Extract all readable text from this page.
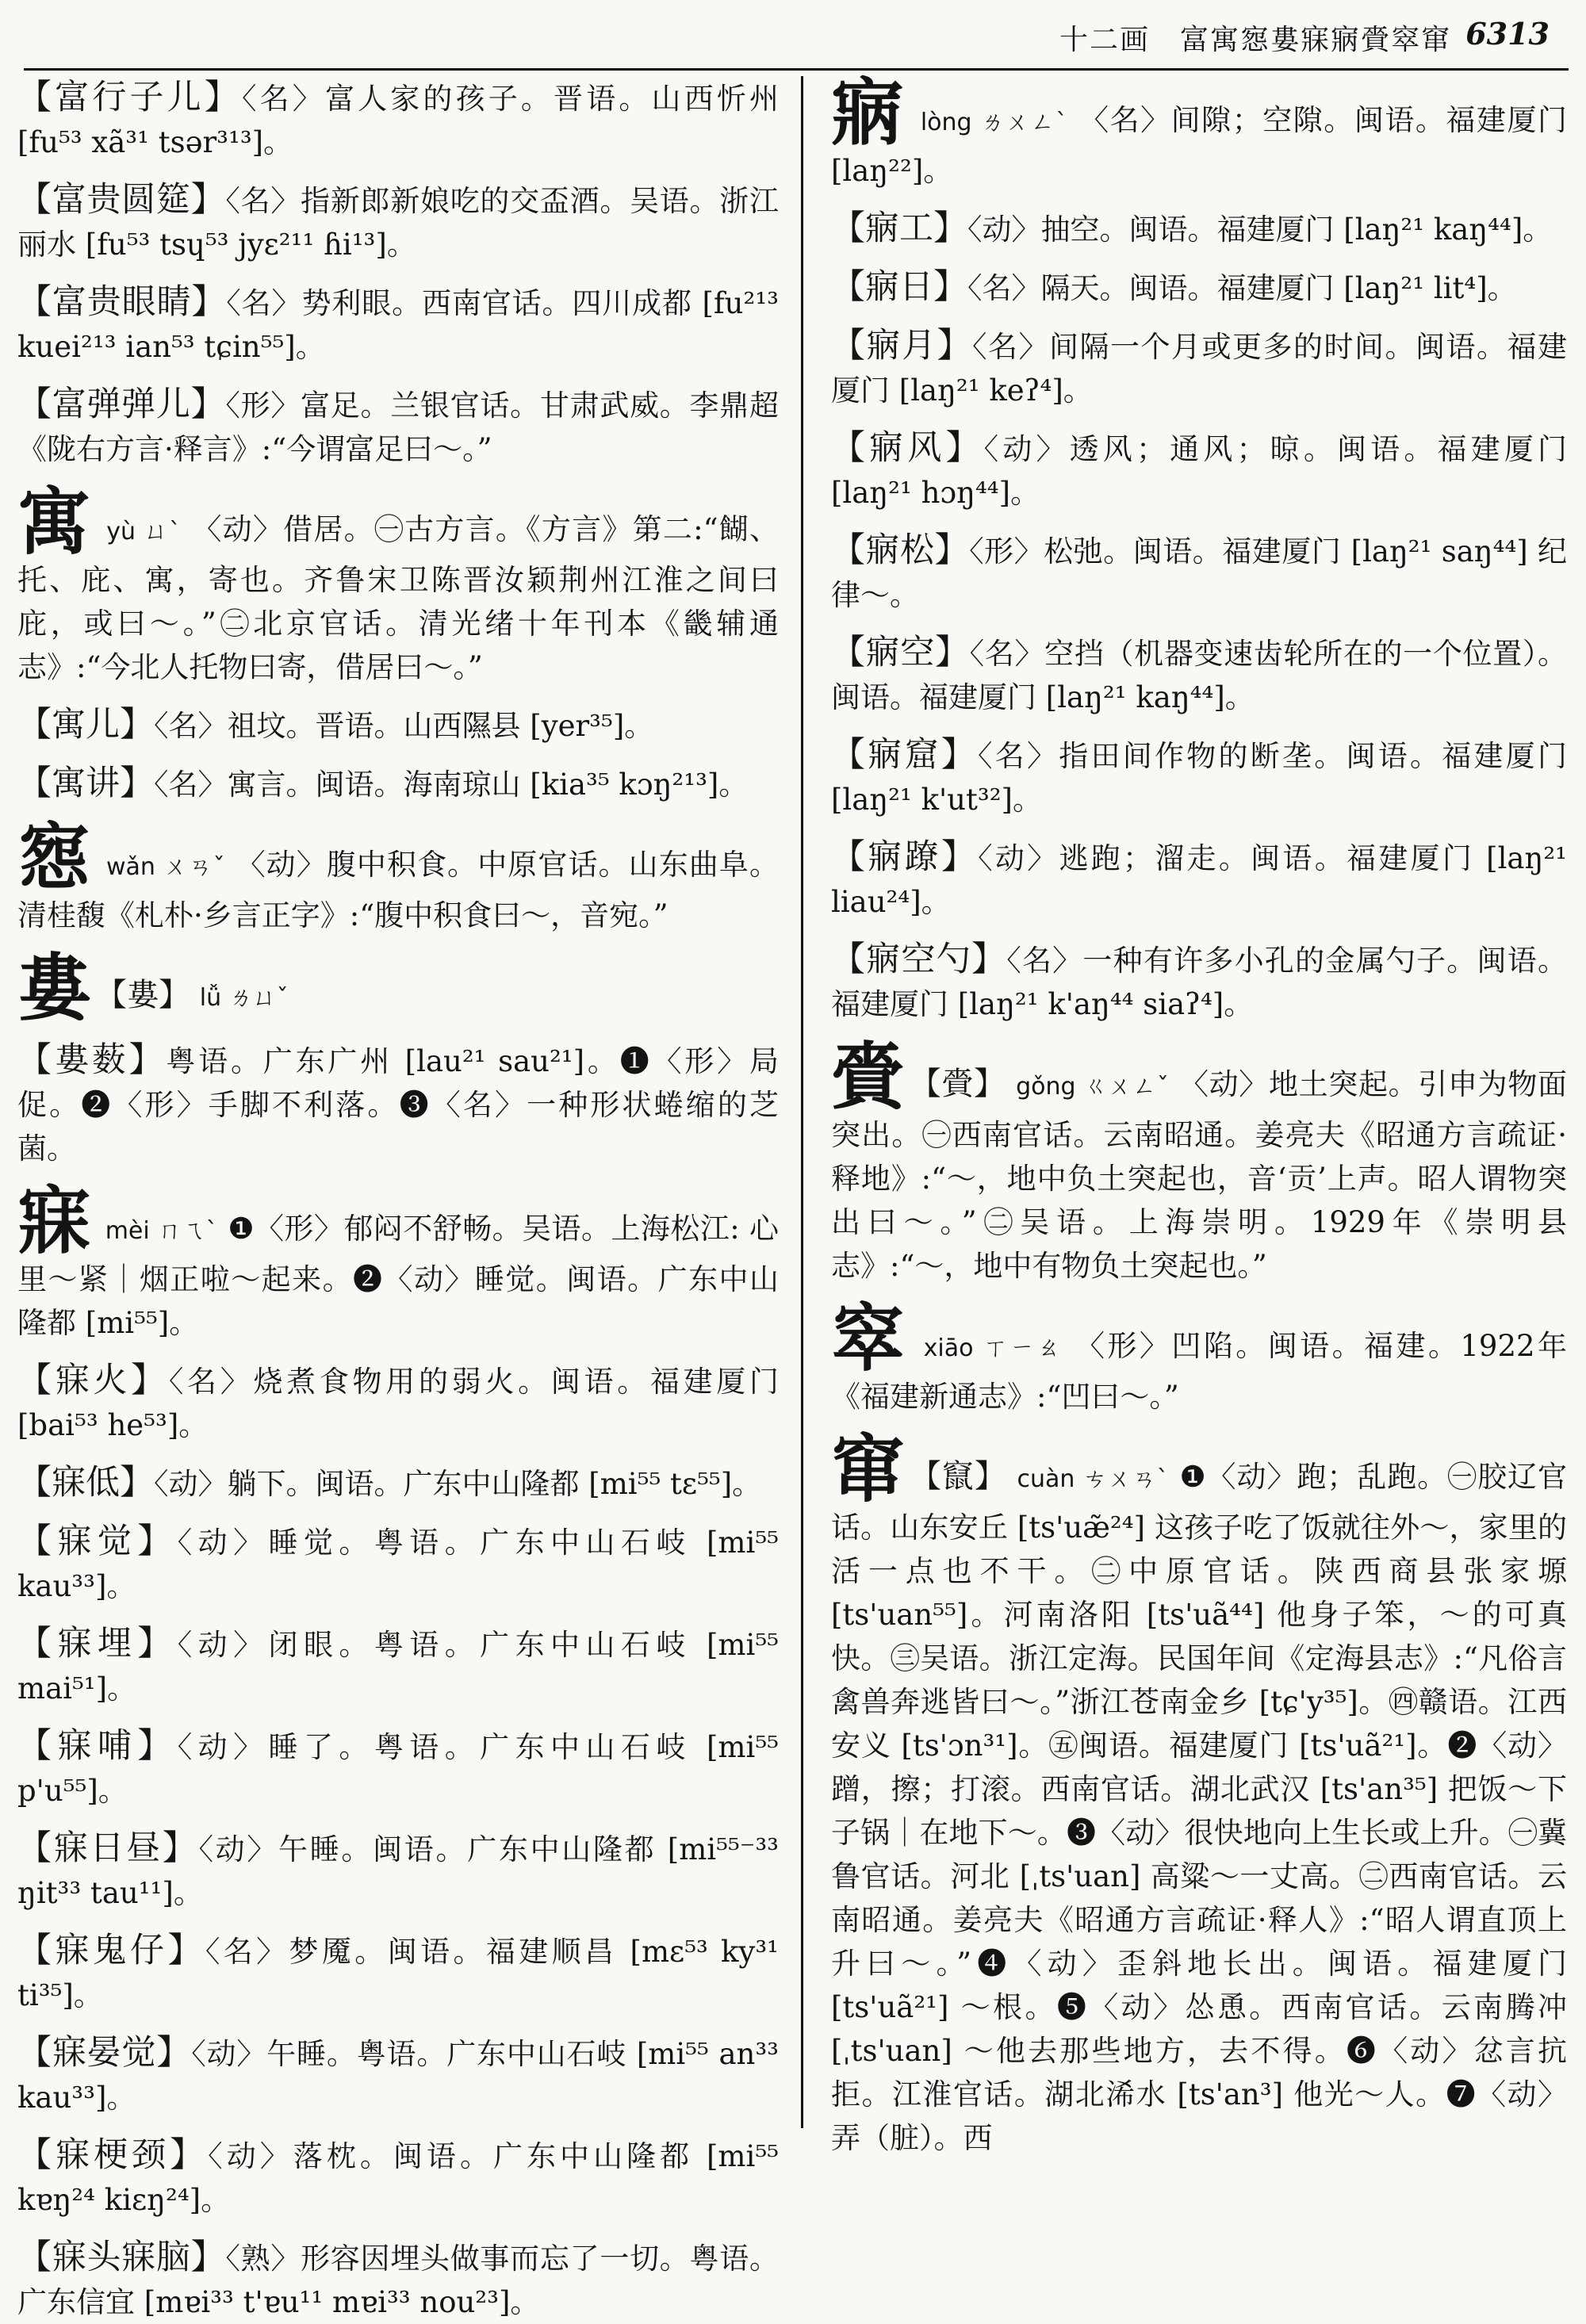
十二画　富寓惌婁寐寎賫窣窜 6313

【富行子儿】〈名〉富人家的孩子。晋语。山西忻州 [fu⁵³ xã³¹ tsər³¹³]。

【富贵圆筵】〈名〉指新郎新娘吃的交盃酒。吴语。浙江丽水 [fu⁵³ tsɥ⁵³ jyɛ²¹¹ ɦi¹³]。

【富贵眼睛】〈名〉势利眼。西南官话。四川成都 [fu²¹³ kuei²¹³ ian⁵³ tɕin⁵⁵]。

【富弹弹儿】〈形〉富足。兰银官话。甘肃武威。李鼎超《陇右方言·释言》:“今谓富足曰～。”

寓 yù ㄩˋ 〈动〉借居。㊀古方言。《方言》第二:“餬、托、庇、寓，寄也。齐鲁宋卫陈晋汝颖荆州江淮之间曰庇，或曰～。”㊁北京官话。清光绪十年刊本《畿辅通志》:“今北人托物曰寄，借居曰～。”

【寓儿】〈名〉祖坟。晋语。山西隰县 [yer³⁵]。

【寓讲】〈名〉寓言。闽语。海南琼山 [kia³⁵ kɔŋ²¹³]。

惌 wǎn ㄨㄢˇ 〈动〉腹中积食。中原官话。山东曲阜。清桂馥《札朴·乡言正字》:“腹中积食曰～，音宛。”

婁 【婁】 lǚ ㄌㄩˇ

【婁薮】粤语。广东广州 [lau²¹ sau²¹]。❶〈形〉局促。❷〈形〉手脚不利落。❸〈名〉一种形状蜷缩的芝菌。

寐 mèi ㄇㄟˋ ❶〈形〉郁闷不舒畅。吴语。上海松江: 心里～紧｜烟正啦～起来。❷〈动〉睡觉。闽语。广东中山隆都 [mi⁵⁵]。

【寐火】〈名〉烧煮食物用的弱火。闽语。福建厦门 [bai⁵³ he⁵³]。

【寐低】〈动〉躺下。闽语。广东中山隆都 [mi⁵⁵ tɛ⁵⁵]。

【寐觉】〈动〉睡觉。粤语。广东中山石岐 [mi⁵⁵ kau³³]。

【寐埋】〈动〉闭眼。粤语。广东中山石岐 [mi⁵⁵ mai⁵¹]。

【寐哺】〈动〉睡了。粤语。广东中山石岐 [mi⁵⁵ p'u⁵⁵]。

【寐日昼】〈动〉午睡。闽语。广东中山隆都 [mi⁵⁵⁻³³ ŋit³³ tau¹¹]。

【寐鬼仔】〈名〉梦魇。闽语。福建顺昌 [mɛ⁵³ ky³¹ ti³⁵]。

【寐晏觉】〈动〉午睡。粤语。广东中山石岐 [mi⁵⁵ an³³ kau³³]。

【寐梗颈】〈动〉落枕。闽语。广东中山隆都 [mi⁵⁵ kɐŋ²⁴ kiɛŋ²⁴]。

【寐头寐脑】〈熟〉形容因埋头做事而忘了一切。粤语。广东信宜 [mɐi³³ t'ɐu¹¹ mɐi³³ nou²³]。

寎 lòng ㄌㄨㄥˋ 〈名〉间隙；空隙。闽语。福建厦门 [laŋ²²]。

【寎工】〈动〉抽空。闽语。福建厦门 [laŋ²¹ kaŋ⁴⁴]。

【寎日】〈名〉隔天。闽语。福建厦门 [laŋ²¹ lit⁴]。

【寎月】〈名〉间隔一个月或更多的时间。闽语。福建厦门 [laŋ²¹ keʔ⁴]。

【寎风】〈动〉透风；通风；晾。闽语。福建厦门 [laŋ²¹ hɔŋ⁴⁴]。

【寎松】〈形〉松弛。闽语。福建厦门 [laŋ²¹ saŋ⁴⁴] 纪律～。

【寎空】〈名〉空挡（机器变速齿轮所在的一个位置）。闽语。福建厦门 [laŋ²¹ kaŋ⁴⁴]。

【寎窟】〈名〉指田间作物的断垄。闽语。福建厦门 [laŋ²¹ k'ut³²]。

【寎蹽】〈动〉逃跑；溜走。闽语。福建厦门 [laŋ²¹ liau²⁴]。

【寎空勺】〈名〉一种有许多小孔的金属勺子。闽语。福建厦门 [laŋ²¹ k'aŋ⁴⁴ siaʔ⁴]。

賫 【賫】 gǒng ㄍㄨㄥˇ 〈动〉地土突起。引申为物面突出。㊀西南官话。云南昭通。姜亮夫《昭通方言疏证·释地》:“～，地中负土突起也，音‘贡’上声。昭人谓物突出曰～。”㊁吴语。上海崇明。1929年《崇明县志》:“～，地中有物负土突起也。”

窣 xiāo ㄒㄧㄠ 〈形〉凹陷。闽语。福建。1922年《福建新通志》:“凹曰～。”

窜 【竄】 cuàn ㄘㄨㄢˋ ❶〈动〉跑；乱跑。㊀胶辽官话。山东安丘 [ts'uæ̃²⁴] 这孩子吃了饭就往外～，家里的活一点也不干。㊁中原官话。陕西商县张家塬 [ts'uan⁵⁵]。河南洛阳 [ts'uã⁴⁴] 他身子笨，～的可真快。㊂吴语。浙江定海。民国年间《定海县志》:“凡俗言禽兽奔逃皆曰～。”浙江苍南金乡 [tɕ'y³⁵]。㊃赣语。江西安义 [ts'ɔn³¹]。㊄闽语。福建厦门 [ts'uã²¹]。❷〈动〉蹭，擦；打滚。西南官话。湖北武汉 [ts'an³⁵] 把饭～下子锅｜在地下～。❸〈动〉很快地向上生长或上升。㊀冀鲁官话。河北 [ˌts'uan] 高粱～一丈高。㊁西南官话。云南昭通。姜亮夫《昭通方言疏证·释人》:“昭人谓直顶上升曰～。”❹〈动〉歪斜地长出。闽语。福建厦门 [ts'uã²¹] ～根。❺〈动〉怂恿。西南官话。云南腾冲 [ˌts'uan] ～他去那些地方，去不得。❻〈动〉忿言抗拒。江淮官话。湖北浠水 [ts'an³] 他光～人。❼〈动〉弄（脏）。西
